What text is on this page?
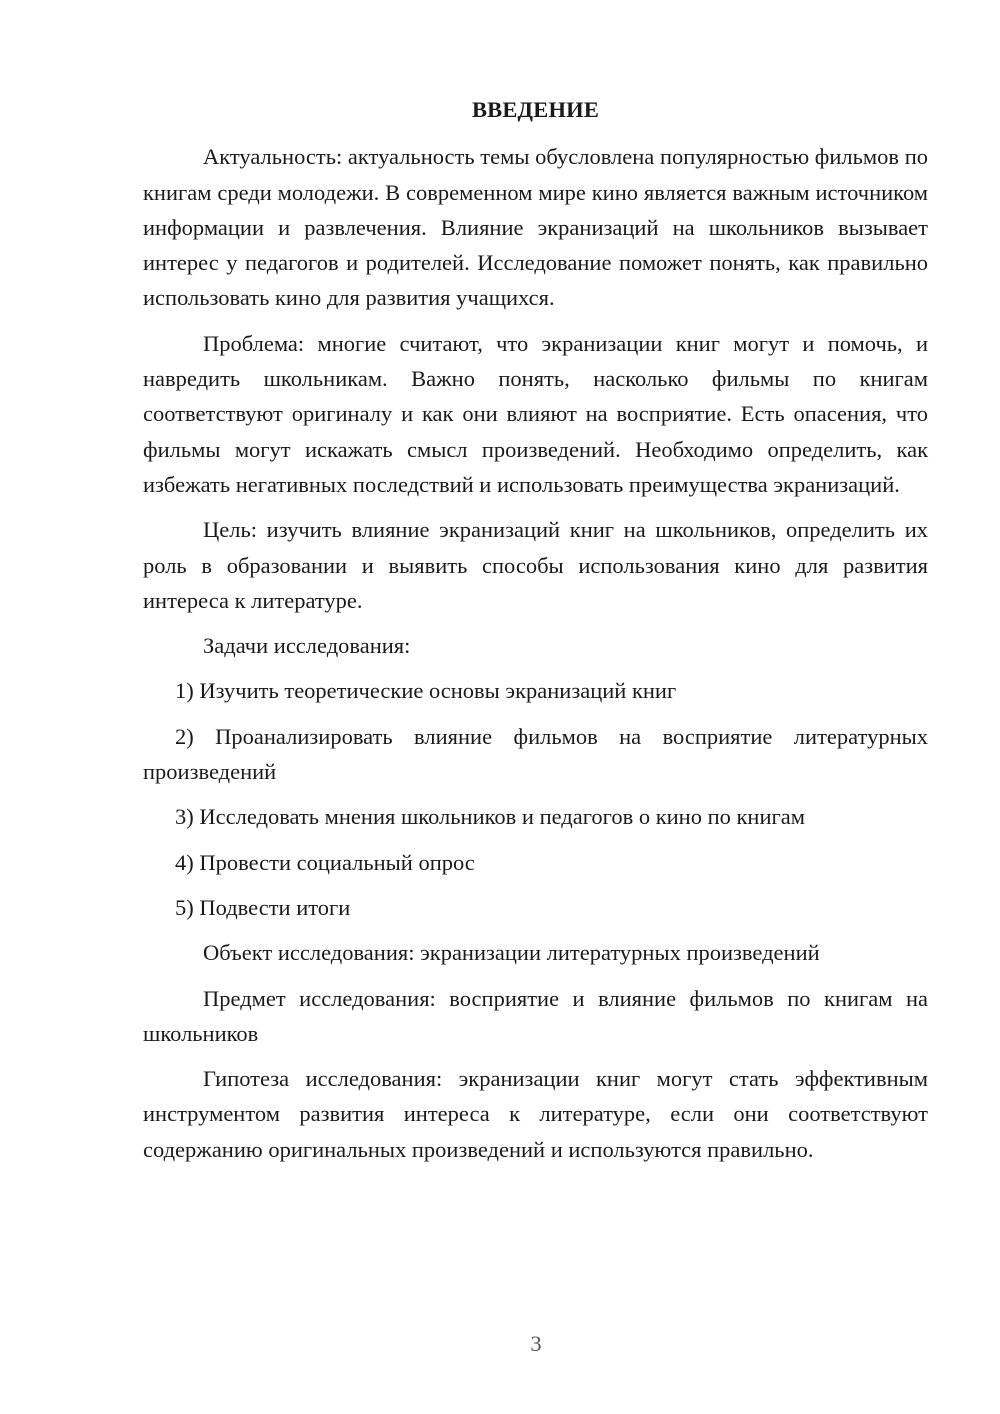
ВВЕДЕНИЕ

Актуальность: актуальность темы обусловлена популярностью фильмов по книгам среди молодежи. В современном мире кино является важным источником информации и развлечения. Влияние экранизаций на школьников вызывает интерес у педагогов и родителей. Исследование поможет понять, как правильно использовать кино для развития учащихся.

Проблема: многие считают, что экранизации книг могут и помочь, и навредить школьникам. Важно понять, насколько фильмы по книгам соответствуют оригиналу и как они влияют на восприятие. Есть опасения, что фильмы могут искажать смысл произведений. Необходимо определить, как избежать негативных последствий и использовать преимущества экранизаций.

Цель: изучить влияние экранизаций книг на школьников, определить их роль в образовании и выявить способы использования кино для развития интереса к литературе.

Задачи исследования:

1) Изучить теоретические основы экранизаций книг

2) Проанализировать влияние фильмов на восприятие литературных произведений

3) Исследовать мнения школьников и педагогов о кино по книгам

4) Провести социальный опрос

5) Подвести итоги

Объект исследования: экранизации литературных произведений

Предмет исследования: восприятие и влияние фильмов по книгам на школьников

Гипотеза исследования: экранизации книг могут стать эффективным инструментом развития интереса к литературе, если они соответствуют содержанию оригинальных произведений и используются правильно.

3
